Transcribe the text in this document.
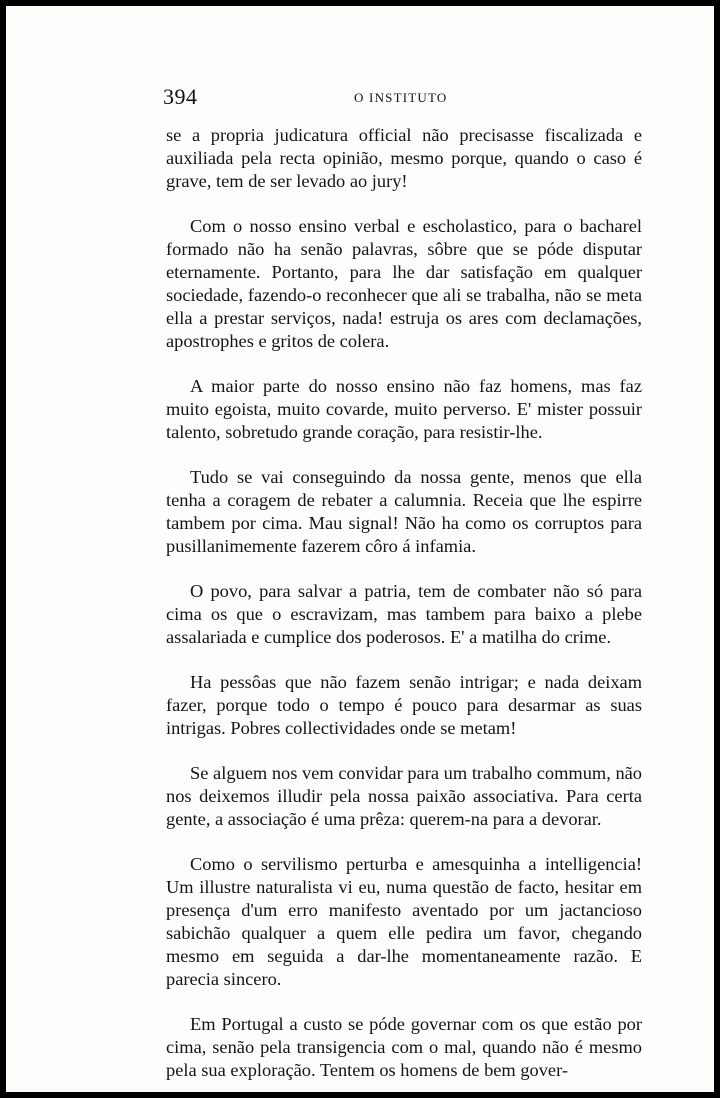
394	O INSTITUTO

se a propria judicatura official não precisasse fiscalizada e auxiliada pela recta opinião, mesmo porque, quando o caso é grave, tem de ser levado ao jury!

Com o nosso ensino verbal e escholastico, para o bacharel formado não ha senão palavras, sôbre que se póde disputar eternamente. Portanto, para lhe dar satisfação em qualquer sociedade, fazendo-o reconhecer que ali se trabalha, não se meta ella a prestar serviços, nada! estruja os ares com declamações, apostrophes e gritos de colera.

A maior parte do nosso ensino não faz homens, mas faz muito egoista, muito covarde, muito perverso. E' mister possuir talento, sobretudo grande coração, para resistir-lhe.

Tudo se vai conseguindo da nossa gente, menos que ella tenha a coragem de rebater a calumnia. Receia que lhe espirre tambem por cima. Mau signal! Não ha como os corruptos para pusillanimemente fazerem côro á infamia.

O povo, para salvar a patria, tem de combater não só para cima os que o escravizam, mas tambem para baixo a plebe assalariada e cumplice dos poderosos. E' a matilha do crime.

Ha pessôas que não fazem senão intrigar; e nada deixam fazer, porque todo o tempo é pouco para desarmar as suas intrigas. Pobres collectividades onde se metam!

Se alguem nos vem convidar para um trabalho commum, não nos deixemos illudir pela nossa paixão associativa. Para certa gente, a associação é uma prêza: querem-na para a devorar.

Como o servilismo perturba e amesquinha a intelligencia! Um illustre naturalista vi eu, numa questão de facto, hesitar em presença d'um erro manifesto aventado por um jactancioso sabichão qualquer a quem elle pedira um favor, chegando mesmo em seguida a dar-lhe momentaneamente razão. E parecia sincero.

Em Portugal a custo se póde governar com os que estão por cima, senão pela transigencia com o mal, quando não é mesmo pela sua exploração. Tentem os homens de bem gover-
